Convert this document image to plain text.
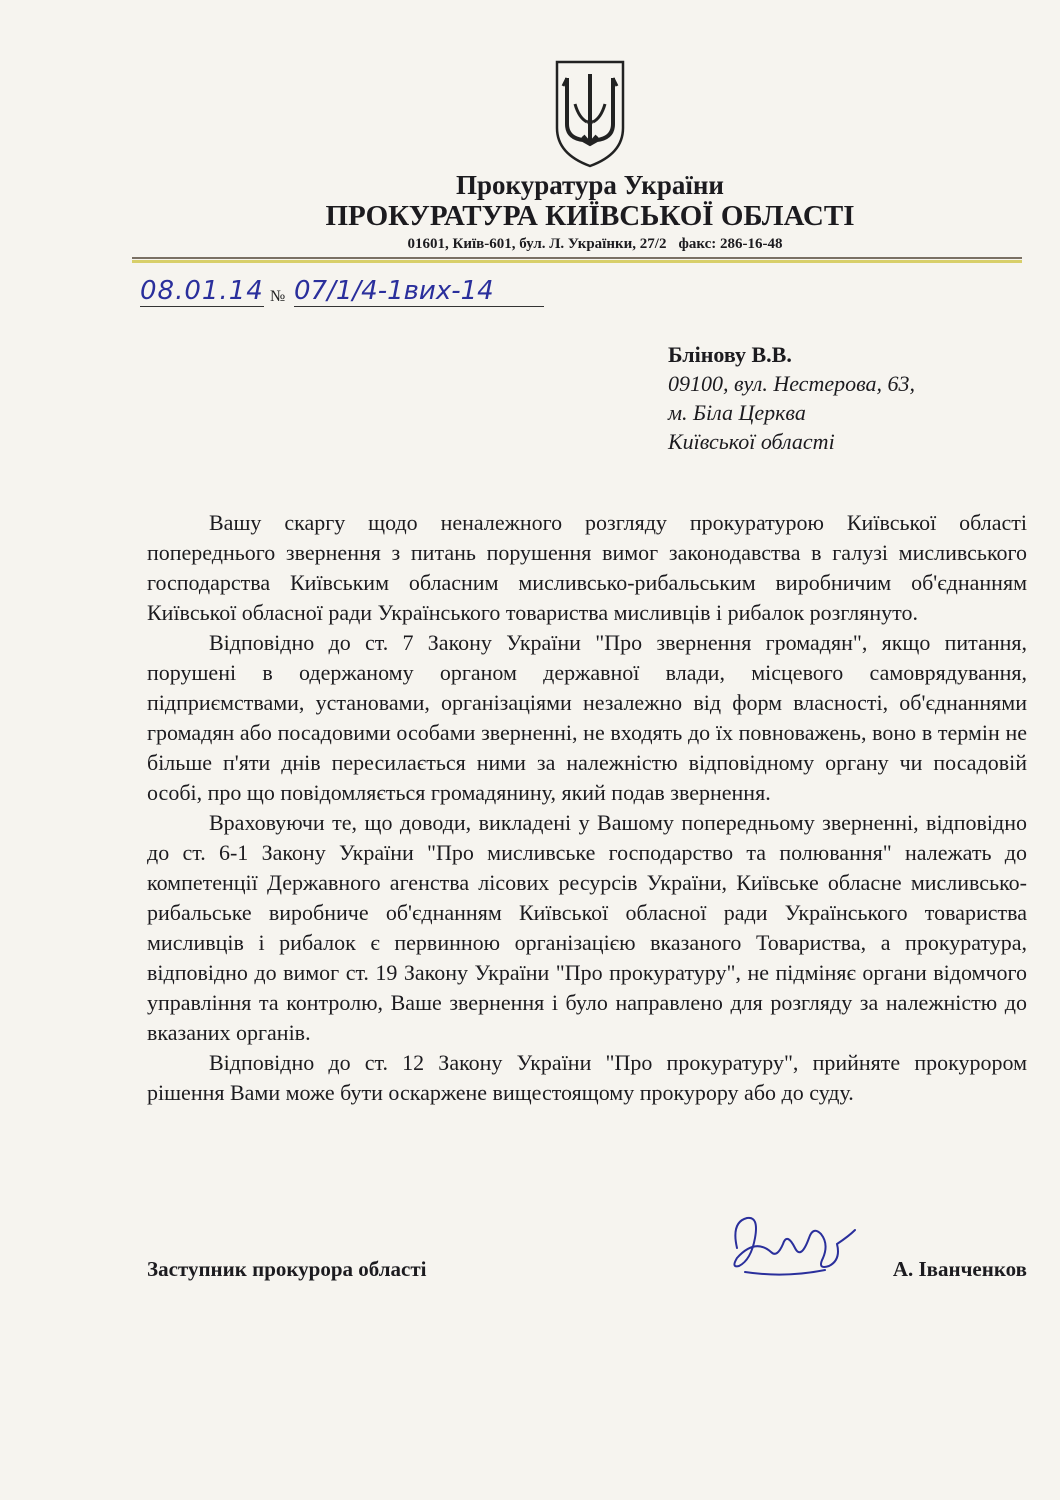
Прокуратура України
ПРОКУРАТУРА КИЇВСЬКОЇ ОБЛАСТІ
01601, Київ-601, бул. Л. Українки, 27/2 факс: 286-16-48
08.01.14 № 07/1/4-1вих-14
Блінову В.В.
09100, вул. Нестерова, 63,
м. Біла Церква
Київської області

Вашу скаргу щодо неналежного розгляду прокуратурою Київської області попереднього звернення з питань порушення вимог законодавства в галузі мисливського господарства Київським обласним мисливсько-рибальським виробничим об'єднанням Київської обласної ради Українського товариства мисливців і рибалок розглянуто.

Відповідно до ст. 7 Закону України "Про звернення громадян", якщо питання, порушені в одержаному органом державної влади, місцевого самоврядування, підприємствами, установами, організаціями незалежно від форм власності, об'єднаннями громадян або посадовими особами зверненні, не входять до їх повноважень, воно в термін не більше п'яти днів пересилається ними за належністю відповідному органу чи посадовій особі, про що повідомляється громадянину, який подав звернення.

Враховуючи те, що доводи, викладені у Вашому попередньому зверненні, відповідно до ст. 6-1 Закону України "Про мисливське господарство та полювання" належать до компетенції Державного агенства лісових ресурсів України, Київське обласне мисливсько-рибальське виробниче об'єднанням Київської обласної ради Українського товариства мисливців і рибалок є первинною організацією вказаного Товариства, а прокуратура, відповідно до вимог ст. 19 Закону України "Про прокуратуру", не підміняє органи відомчого управління та контролю, Ваше звернення і було направлено для розгляду за належністю до вказаних органів.

Відповідно до ст. 12 Закону України "Про прокуратуру", прийняте прокурором рішення Вами може бути оскаржене вищестоящому прокурору або до суду.

Заступник прокурора області	А. Іванченков
